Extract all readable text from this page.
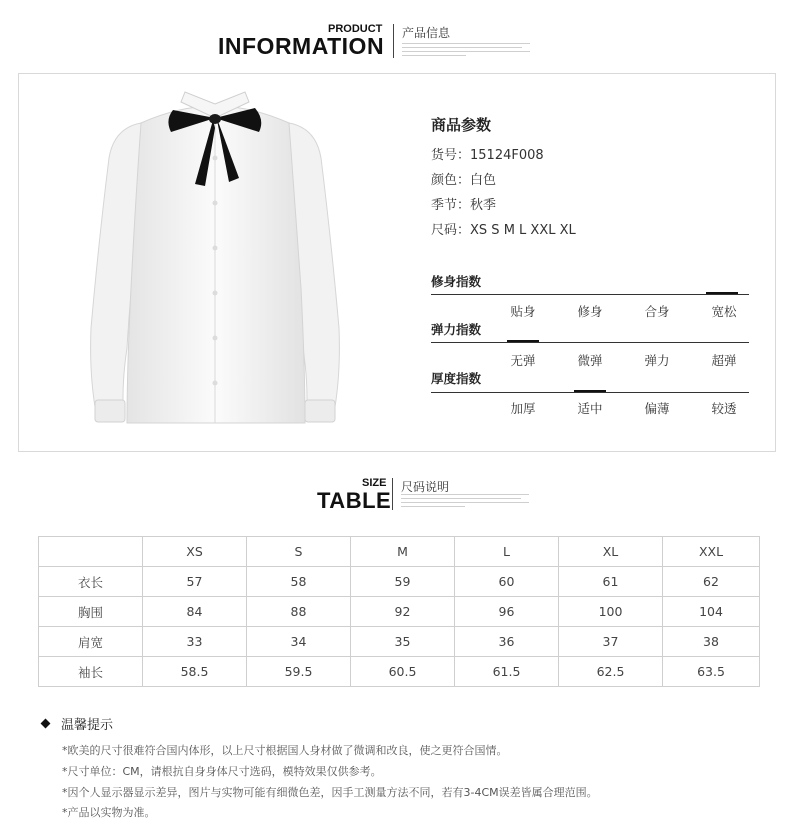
PRODUCT
INFORMATION 产品信息
商品参数
货号：15124F008
颜色：白色
季节：秋季
尺码：XS S M L XXL XL
修身指数
贴身	修身	合身	宽松
弹力指数
无弹	微弹	弹力	超弹
厚度指数
加厚	适中	偏薄	较透
SIZE
TABLE
尺码说明
	XS	S	M	L	XL	XXL
衣长	57	58	59	60	61	62
胸围	84	88	92	96	100	104
肩宽	33	34	35	36	37	38
袖长	58.5	59.5	60.5	61.5	62.5	63.5
温馨提示
*欧美的尺寸很难符合国内体形，以上尺寸根据国人身材做了微调和改良，使之更符合国情。
*尺寸单位：CM，请根抗自身身体尺寸选码，模特效果仅供参考。
*因个人显示器显示差异，图片与实物可能有细微色差，因手工测量方法不同，若有3-4CM误差皆属合理范围。
*产品以实物为准。
